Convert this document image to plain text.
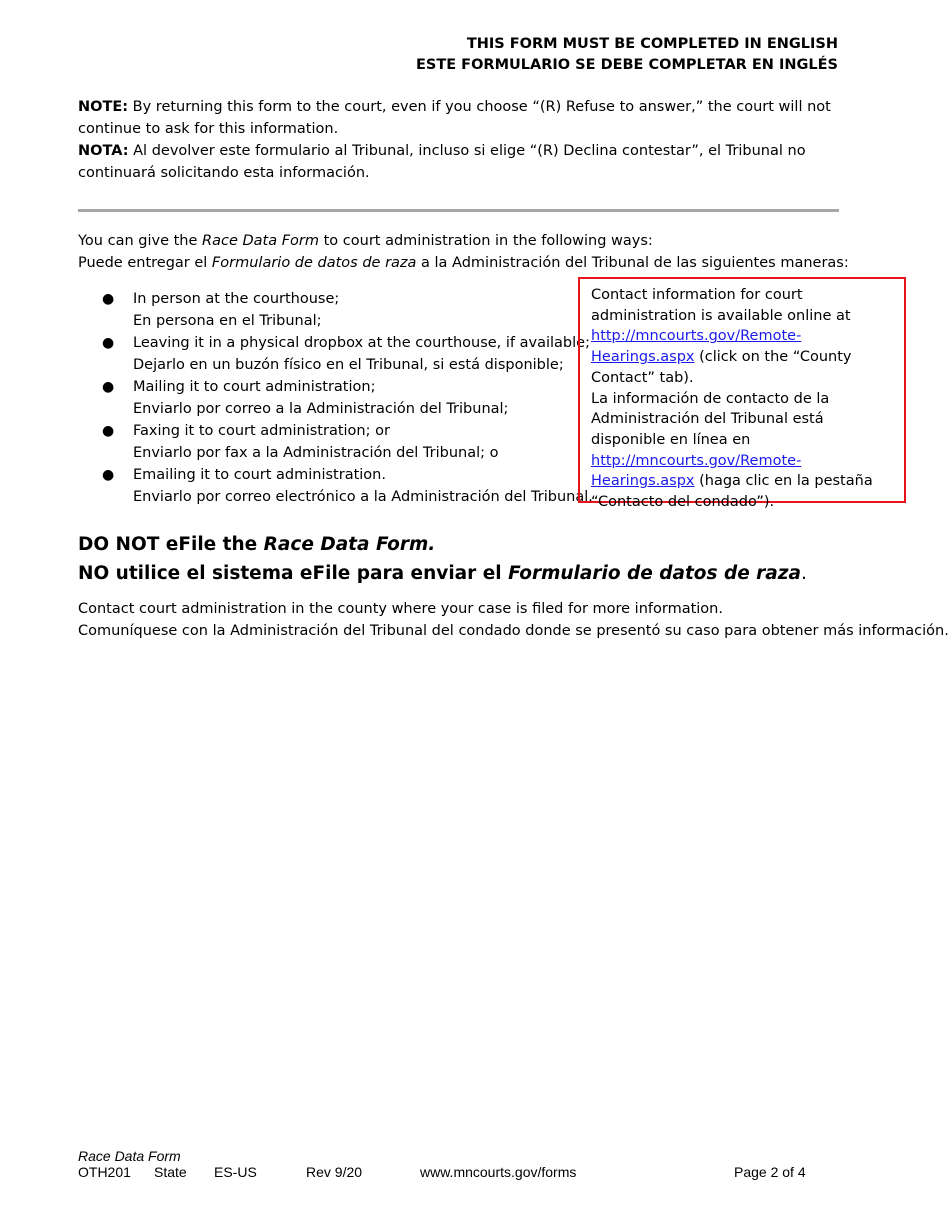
THIS FORM MUST BE COMPLETED IN ENGLISH
ESTE FORMULARIO SE DEBE COMPLETAR EN INGLÉS

NOTE: By returning this form to the court, even if you choose “(R) Refuse to answer,” the court will not continue to ask for this information.

NOTA: Al devolver este formulario al Tribunal, incluso si elige “(R) Declina contestar”, el Tribunal no continuará solicitando esta información.

You can give the Race Data Form to court administration in the following ways:

Puede entregar el Formulario de datos de raza a la Administración del Tribunal de las siguientes maneras:

● In person at the courthouse;
En persona en el Tribunal;
● Leaving it in a physical dropbox at the courthouse, if available;
Dejarlo en un buzón físico en el Tribunal, si está disponible;
● Mailing it to court administration;
Enviarlo por correo a la Administración del Tribunal;
● Faxing it to court administration; or
Enviarlo por fax a la Administración del Tribunal; o
● Emailing it to court administration.
Enviarlo por correo electrónico a la Administración del Tribunal.

Contact information for court administration is available online at http://mncourts.gov/Remote-Hearings.aspx (click on the “County Contact” tab).

La información de contacto de la Administración del Tribunal está disponible en línea en http://mncourts.gov/Remote-Hearings.aspx (haga clic en la pestaña “Contacto del condado”).

DO NOT eFile the Race Data Form.

NO utilice el sistema eFile para enviar el Formulario de datos de raza.

Contact court administration in the county where your case is filed for more information.

Comuníquese con la Administración del Tribunal del condado donde se presentó su caso para obtener más información.

Race Data Form
OTH201 State ES-US	Rev 9/20	www.mncourts.gov/forms	Page 2 of 4
